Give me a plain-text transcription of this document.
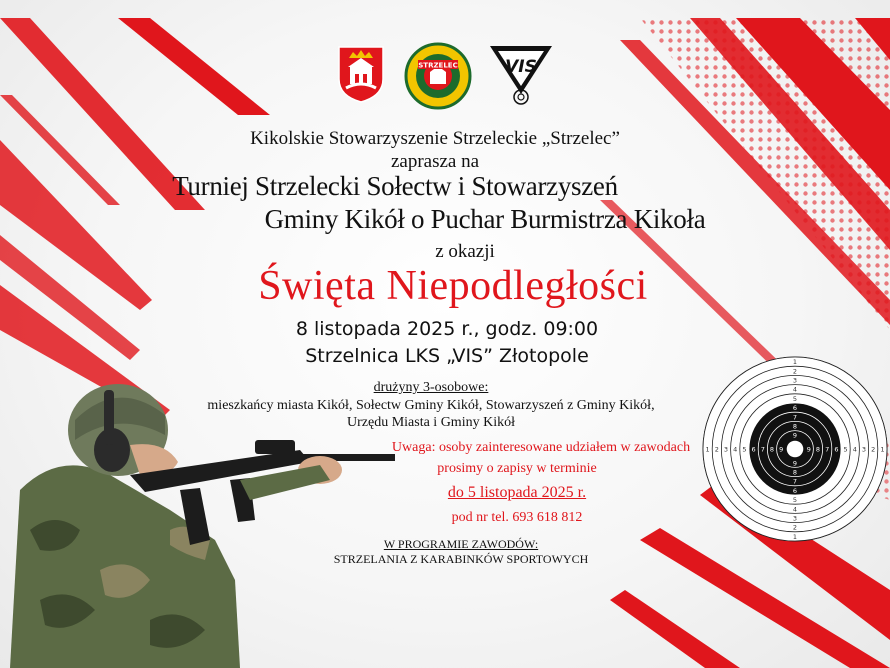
STRZELEC	VIS
1
1
1	1
2
2
2	2
3
3
3	3
4
4
4	4
5
5
5	5
6
6
6	6
7
7
7	7
8
8
8	8
9
9
9	9
Kikolskie Stowarzyszenie Strzeleckie „Strzelec”
zaprasza na
Turniej Strzelecki Sołectw i Stowarzyszeń
Gminy Kikół o Puchar Burmistrza Kikoła
z okazji
Święta Niepodległości
8 listopada 2025 r., godz. 09:00
Strzelnica LKS „VIS” Złotopole
drużyny 3-osobowe:
mieszkańcy miasta Kikół, Sołectw Gminy Kikół, Stowarzyszeń z Gminy Kikół,
Urzędu Miasta i Gminy Kikół
Uwaga: osoby zainteresowane udziałem w zawodach
prosimy o zapisy w terminie
do 5 listopada 2025 r.
pod nr tel. 693 618 812
W PROGRAMIE ZAWODÓW:
STRZELANIA Z KARABINKÓW SPORTOWYCH
